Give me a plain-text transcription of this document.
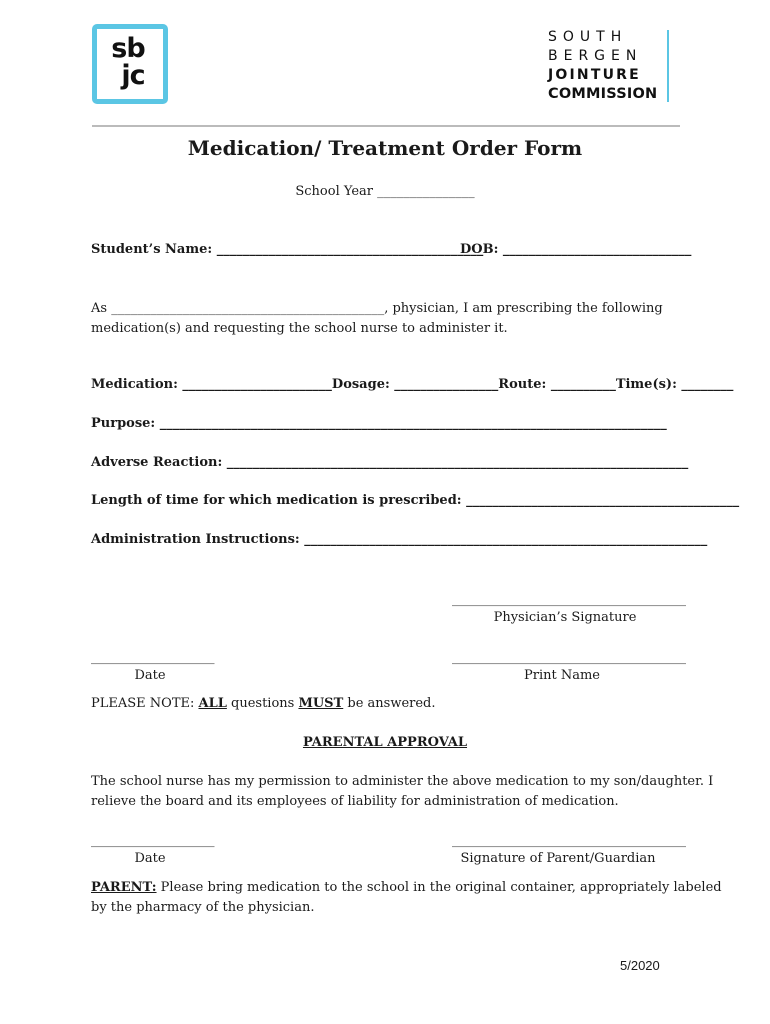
sb
jc
SOUTH
BERGEN
JOINTURE
COMMISSION
Medication/ Treatment Order Form
School Year _______________
Student’s Name: _________________________________________
DOB: _____________________________
As __________________________________________, physician, I am prescribing the following
medication(s) and requesting the school nurse to administer it.
Medication: _______________________Dosage: ________________Route: __________Time(s): ________
Purpose: ______________________________________________________________________________
Adverse Reaction: _______________________________________________________________________
Length of time for which medication is prescribed: __________________________________________
Administration Instructions: ______________________________________________________________
____________________________________
Physician’s Signature
___________________
Date
____________________________________
Print Name
PLEASE NOTE: ALL questions MUST be answered.
PARENTAL APPROVAL
The school nurse has my permission to administer the above medication to my son/daughter. I
relieve the board and its employees of liability for administration of medication.
___________________
Date
____________________________________
Signature of Parent/Guardian
PARENT: Please bring medication to the school in the original container, appropriately labeled
by the pharmacy of the physician.
5/2020
